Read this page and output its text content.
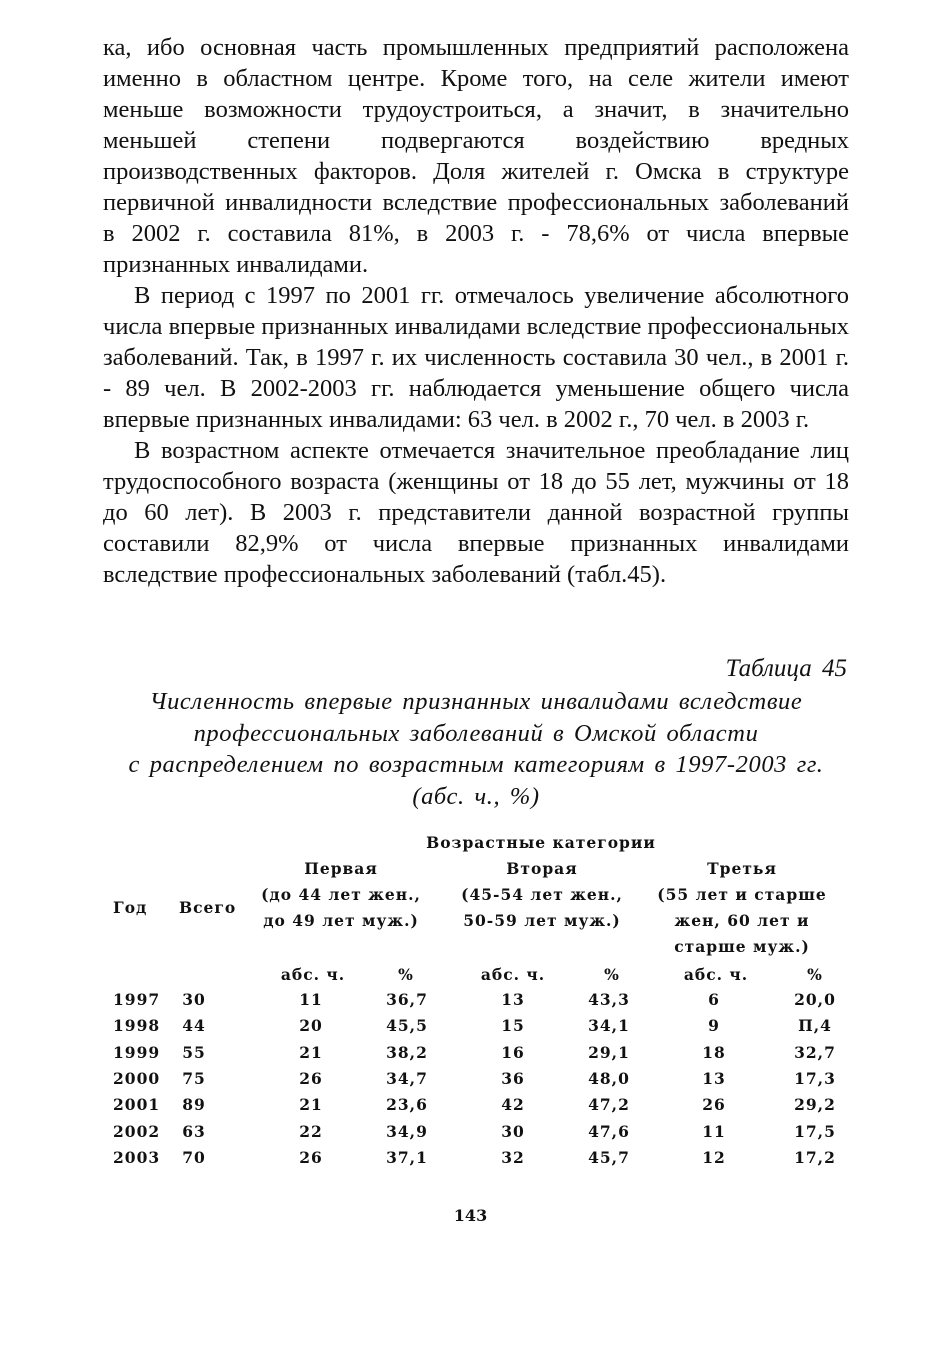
ка, ибо основная часть промышленных предприятий расположена именно в областном центре. Кроме того, на селе жители имеют меньше возможности трудоустроиться, а значит, в значительно меньшей степени подвергаются воздействию вредных производственных факторов. Доля жителей г. Омска в структуре первичной инвалидности вследствие профессиональных заболеваний в 2002 г. составила 81%, в 2003 г. - 78,6% от числа впервые признанных инвалидами.

В период с 1997 по 2001 гг. отмечалось увеличение абсолютного числа впервые признанных инвалидами вследствие профессиональных заболеваний. Так, в 1997 г. их численность составила 30 чел., в 2001 г. - 89 чел. В 2002-2003 гг. наблюдается уменьшение общего числа впервые признанных инвалидами: 63 чел. в 2002 г., 70 чел. в 2003 г.

В возрастном аспекте отмечается значительное преобладание лиц трудоспособного возраста (женщины от 18 до 55 лет, мужчины от 18 до 60 лет). В 2003 г. представители данной возрастной группы составили 82,9% от числа впервые признанных инвалидами вследствие профессиональных заболеваний (табл.45).

Таблица 45
Численность впервые признанных инвалидами вследствие
профессиональных заболеваний в Омской области
с распределением по возрастным категориям в 1997-2003 гг.
(абс. ч., %)
Возрастные категории
Год Всего
Первая
(до 44 лет жен.,
до 49 лет муж.)
Вторая
(45-54 лет жен.,
50-59 лет муж.)
Третья
(55 лет и старше
жен, 60 лет и
старше муж.)
абс. ч.	%	абс. ч.	%	абс. ч.	%
1997 30	11	36,7	13	43,3	6	20,0
1998 44	20	45,5	15	34,1	9	П,4
1999 55	21	38,2	16	29,1	18	32,7
2000 75	26	34,7	36	48,0	13	17,3
2001 89	21	23,6	42	47,2	26	29,2
2002 63	22	34,9	30	47,6	11	17,5
2003 70	26	37,1	32	45,7	12	17,2
143
